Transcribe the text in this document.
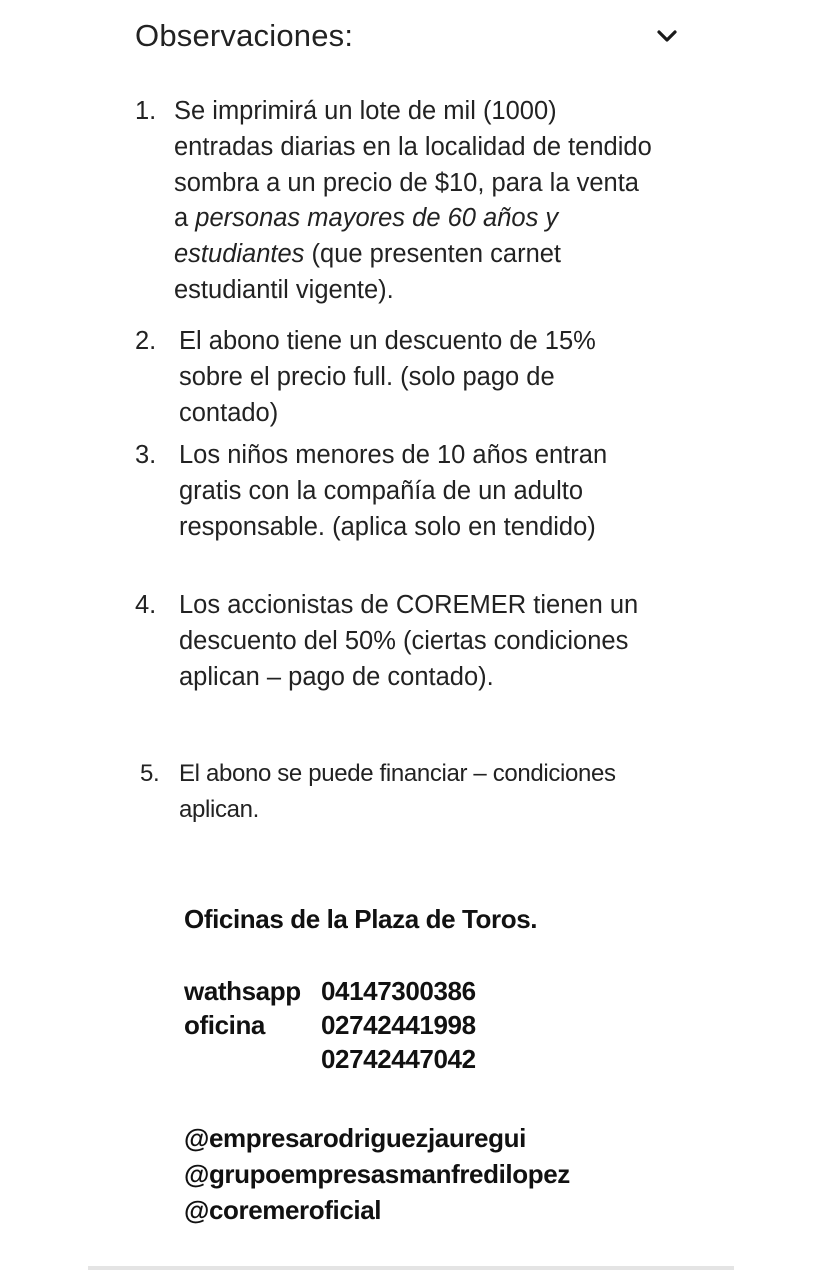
Observaciones:
1. Se imprimirá un lote de mil (1000) entradas diarias en la localidad de tendido sombra a un precio de $10, para la venta a personas mayores de 60 años y estudiantes (que presenten carnet estudiantil vigente).
2. El abono tiene un descuento de 15% sobre el precio full. (solo pago de contado)
3. Los niños menores de 10 años entran gratis con la compañía de un adulto responsable. (aplica solo en tendido)
4. Los accionistas de COREMER tienen un descuento del 50% (ciertas condiciones aplican – pago de contado).
5. El abono se puede financiar – condiciones aplican.
Oficinas de la Plaza de Toros.
wathsapp 04147300386
oficina 02742441998
02742447042
@empresarodriguezjauregui
@grupoempresasmanfredilopez
@coremeroficial
